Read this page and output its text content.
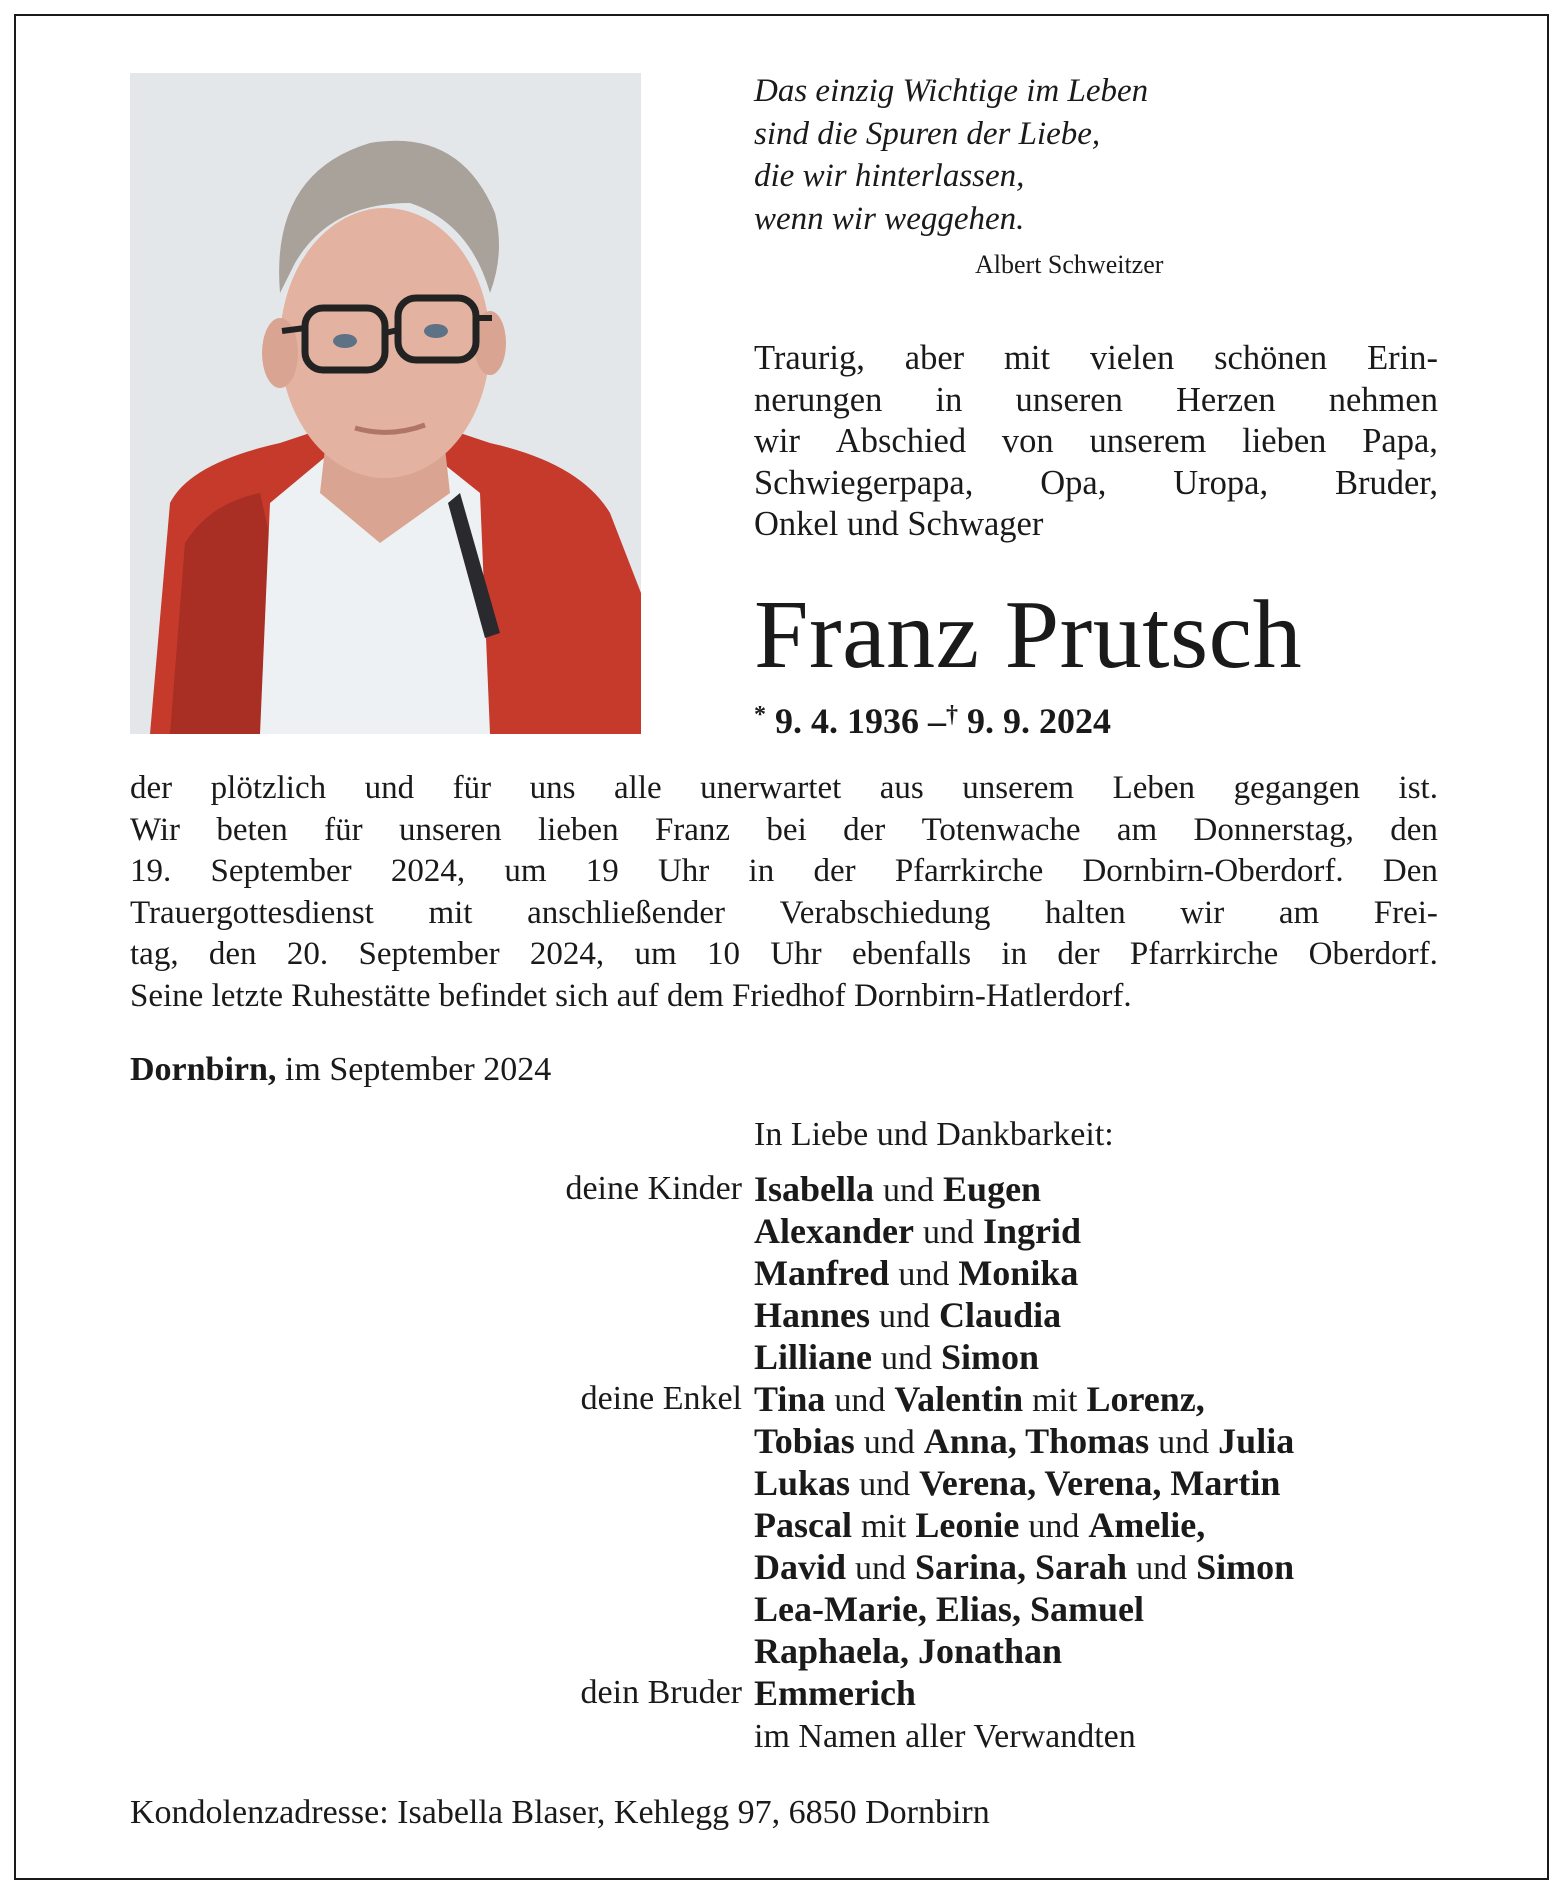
Das einzig Wichtige im Leben
sind die Spuren der Liebe,
die wir hinterlassen,
wenn wir weggehen.
Albert Schweitzer
Traurig, aber mit vielen schönen Erin-
nerungen in unseren Herzen nehmen
wir Abschied von unserem lieben Papa,
Schwiegerpapa, Opa, Uropa, Bruder,
Onkel und Schwager
Franz Prutsch
* 9. 4. 1936 –† 9. 9. 2024
der plötzlich und für uns alle unerwartet aus unserem Leben gegangen ist.
Wir beten für unseren lieben Franz bei der Totenwache am Donnerstag, den
19. September 2024, um 19 Uhr in der Pfarrkirche Dornbirn-Oberdorf. Den
Trauergottesdienst mit anschließender Verabschiedung halten wir am Frei-
tag, den 20. September 2024, um 10 Uhr ebenfalls in der Pfarrkirche Oberdorf.
Seine letzte Ruhestätte befindet sich auf dem Friedhof Dornbirn-Hatlerdorf.
Dornbirn, im September 2024
In Liebe und Dankbarkeit:
deine Kinder Isabella und Eugen
Alexander und Ingrid
Manfred und Monika
Hannes und Claudia
Lilliane und Simon
deine Enkel Tina und Valentin mit Lorenz,
Tobias und Anna, Thomas und Julia
Lukas und Verena, Verena, Martin
Pascal mit Leonie und Amelie,
David und Sarina, Sarah und Simon
Lea-Marie, Elias, Samuel
Raphaela, Jonathan
dein Bruder Emmerich
im Namen aller Verwandten
Kondolenzadresse: Isabella Blaser, Kehlegg 97, 6850 Dornbirn
